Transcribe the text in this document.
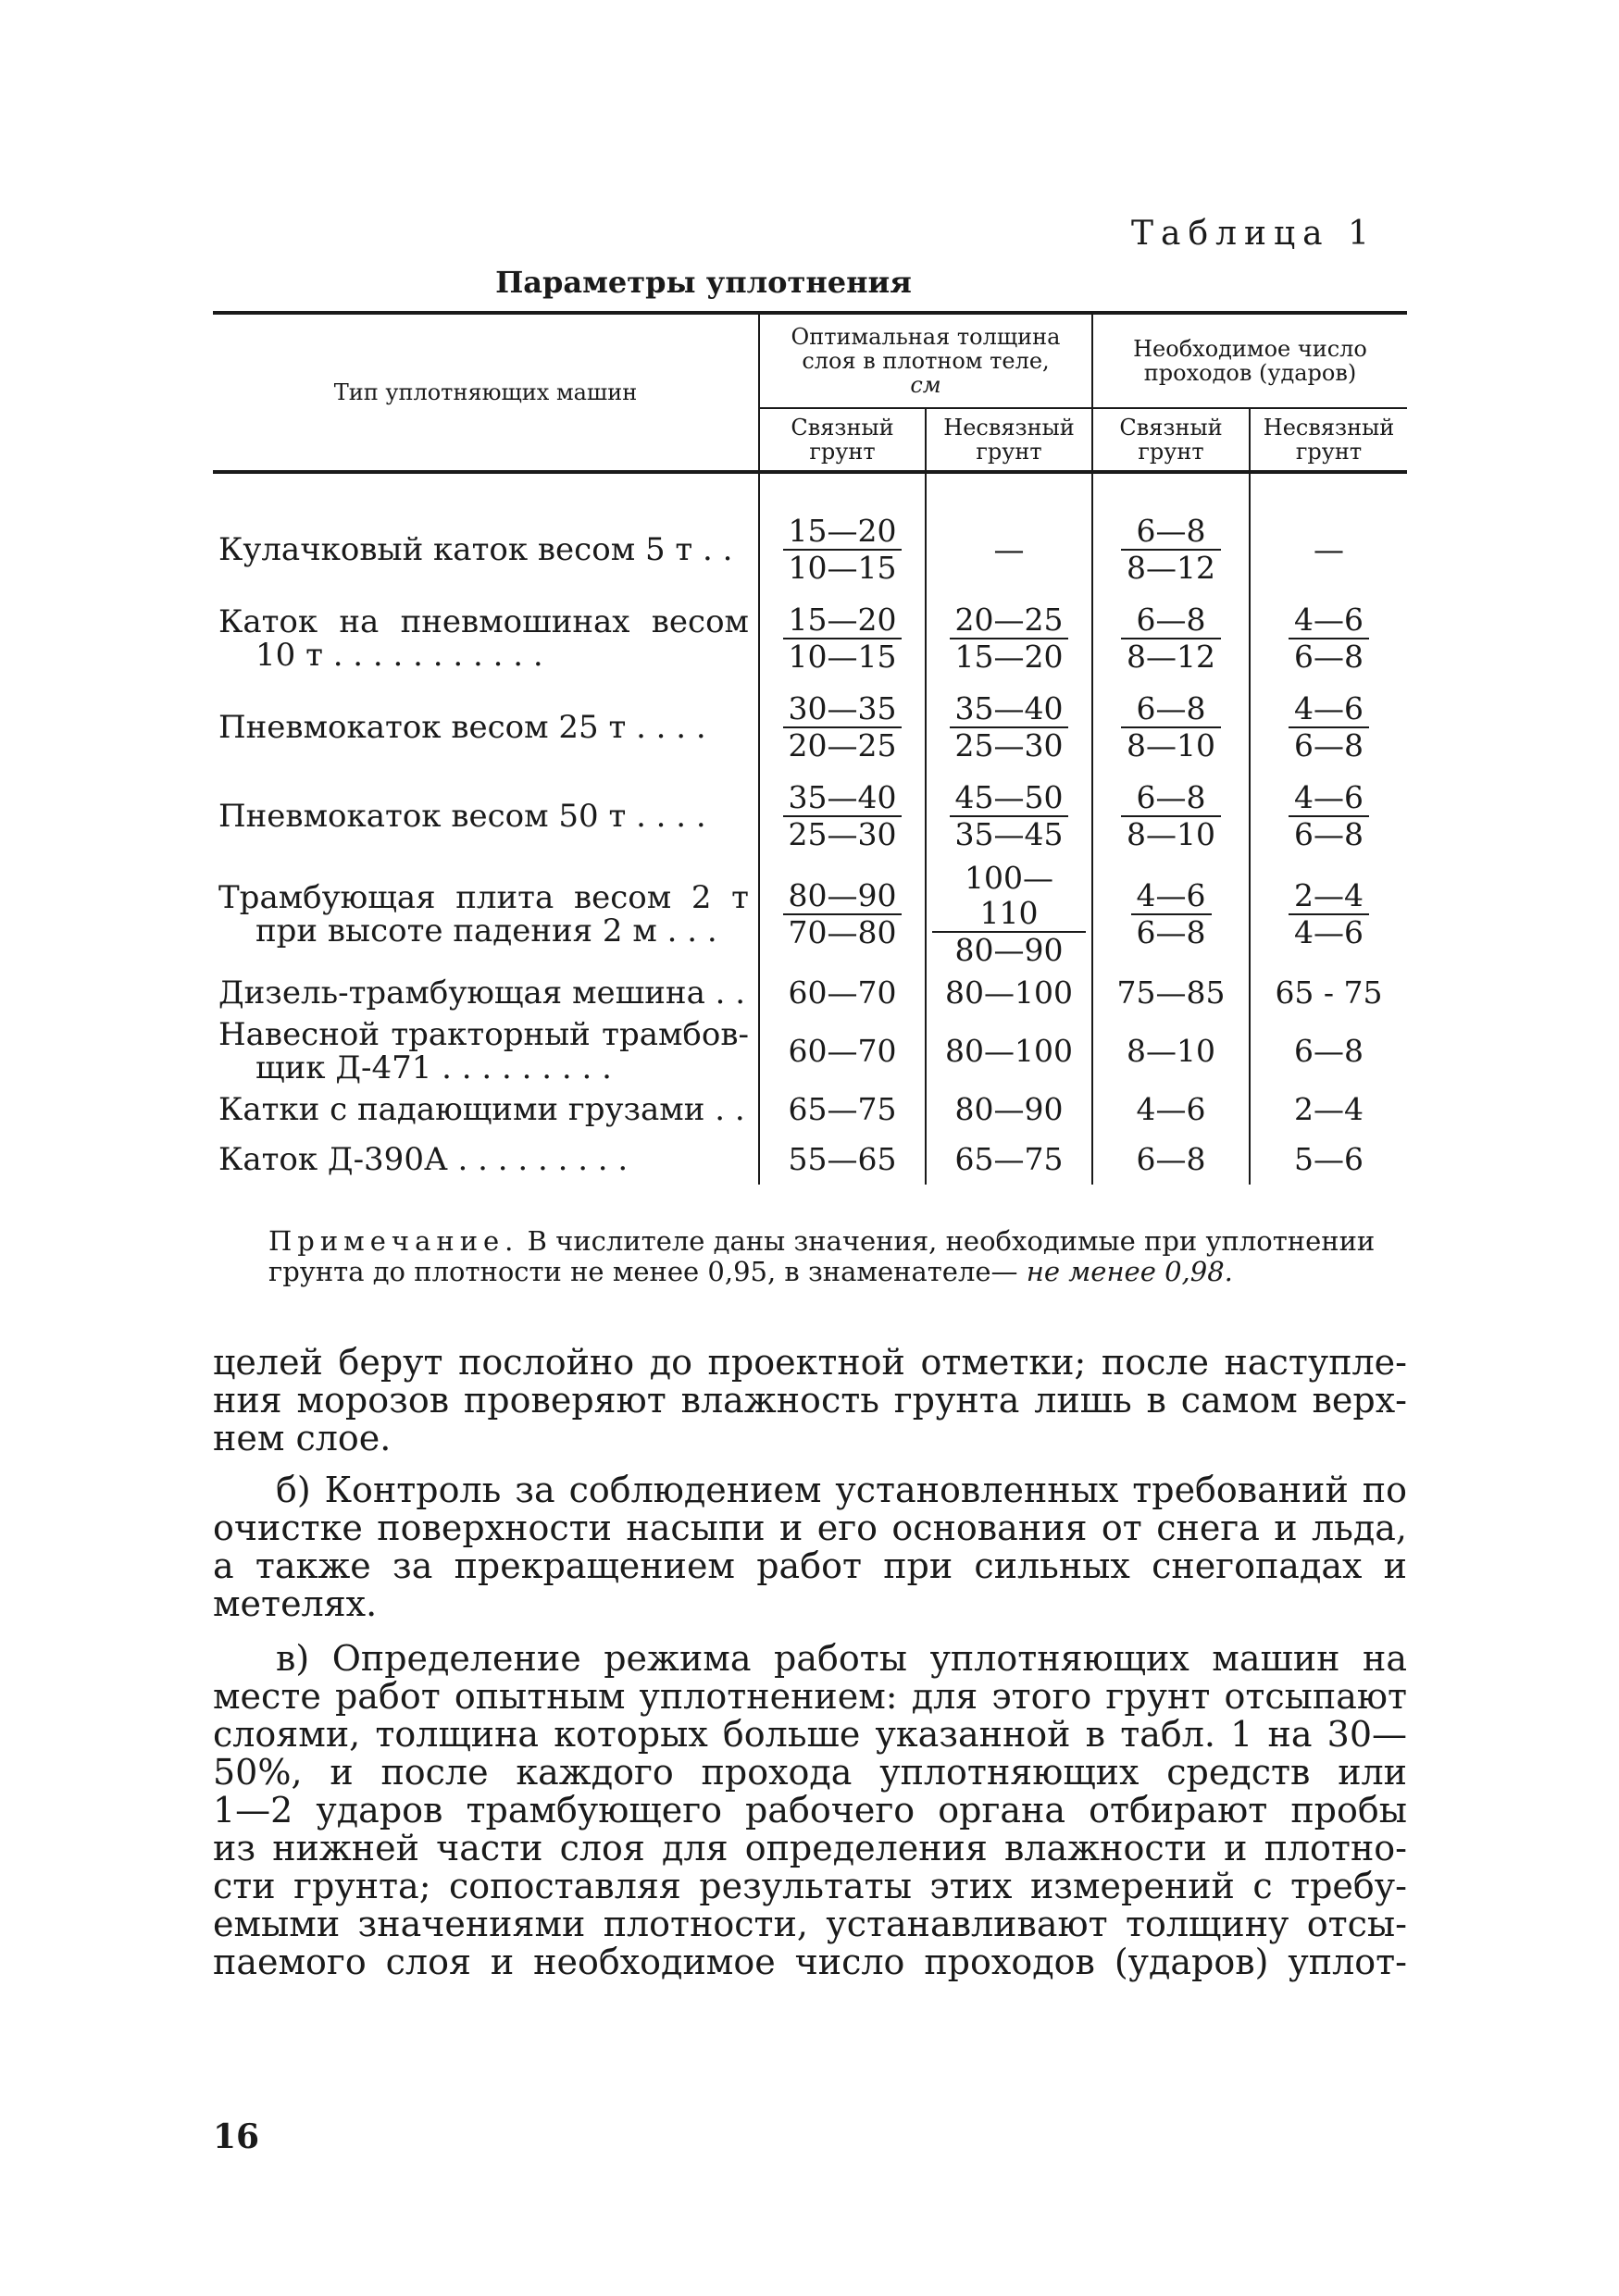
Таблица 1
Параметры уплотнения
Тип уплотняющих машин	Оптимальная толщина слоя в плотном теле,
см		Необходимое число проходов (ударов)	
	Связный грунт	Несвязный грунт	Связный грунт	Несвязный грунт
Кулачковый каток весом 5 т . .	$\frac{15—20}{10—15}$	—	$\frac{6—8}{8—12}$	—
Каток на пневмошинах весом
10 т . . . . . . . . . . .	$\frac{15—20}{10—15}$	$\frac{20—25}{15—20}$	$\frac{6—8}{8—12}$	$\frac{4—6}{6—8}$

Пневмокаток весом 25 т . . . .	$\frac{30—35}{20—25}$	$\frac{35—40}{25—30}$	$\frac{6—8}{8—10}$	$\frac{4—6}{6—8}$

Пневмокаток весом 50 т . . . .	$\frac{35—40}{25—30}$	$\frac{45—50}{35—45}$	$\frac{6—8}{8—10}$	$\frac{4—6}{6—8}$

Трамбующая плита весом 2 т
при высоте падения 2 м . . .	$\frac{80—90}{70—80}$	$\frac{100—110}{80—90}$	$\frac{4—6}{6—8}$	$\frac{2—4}{4—6}$

Дизель-трамбующая мешина . .	60—70	80—100	75—85	65 - 75
Навесной тракторный трамбов-
щик Д-471 . . . . . . . . .	60—70	80—100	8—10	6—8
Катки с падающими грузами . .	65—75	80—90	4—6	2—4
Каток Д-390А . . . . . . . . .	55—65	65—75	6—8	5—6
Примечание. В числителе даны значения, необходимые при уплотнении грунта до плотности не менее 0,95, в знаменателе— не менее 0,98.
целей берут послойно до проектной отметки; после наступле-
ния морозов проверяют влажность грунта лишь в самом верх-
нем слое.
б) Контроль за соблюдением установленных требований по
очистке поверхности насыпи и его основания от снега и льда,
а также за прекращением работ при сильных снегопадах и
метелях.
в) Определение режима работы уплотняющих машин на
месте работ опытным уплотнением: для этого грунт отсыпают
слоями, толщина которых больше указанной в табл. 1 на 30—
50%, и после каждого прохода уплотняющих средств или
1—2 ударов трамбующего рабочего органа отбирают пробы
из нижней части слоя для определения влажности и плотно-
сти грунта; сопоставляя результаты этих измерений с требу-
емыми значениями плотности, устанавливают толщину отсы-
паемого слоя и необходимое число проходов (ударов) уплот-
16
